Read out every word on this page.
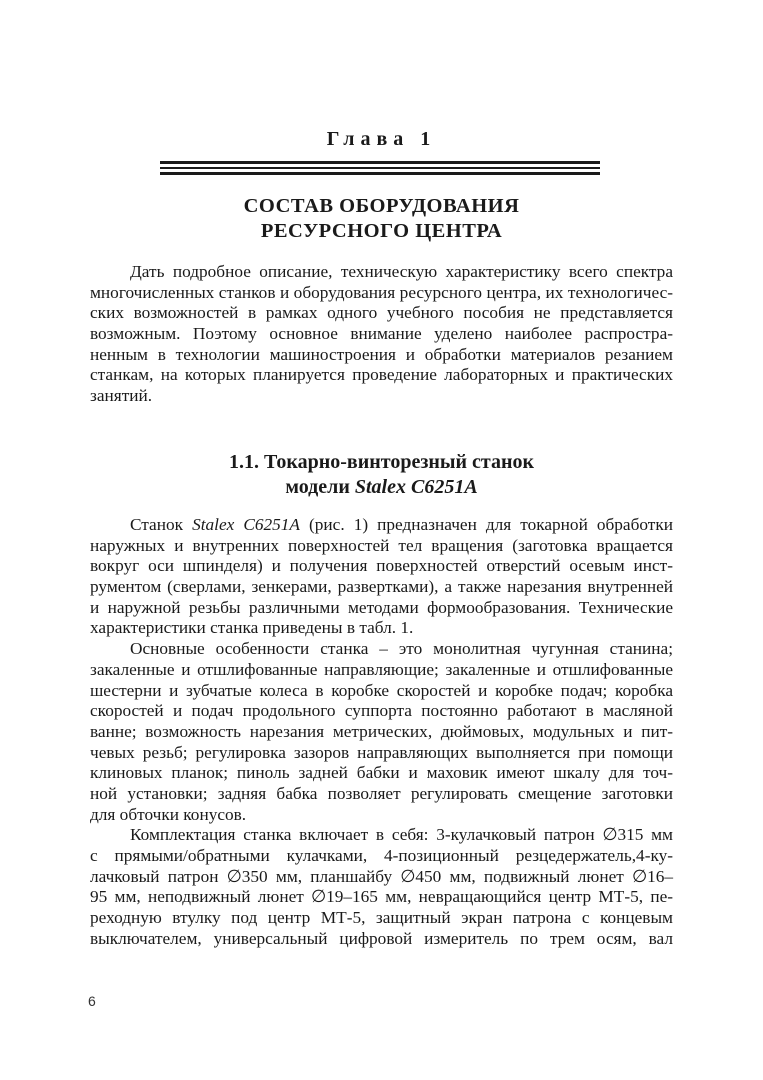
Глава 1
СОСТАВ ОБОРУДОВАНИЯ
РЕСУРСНОГО ЦЕНТРА
Дать подробное описание, техническую характеристику всего спектра
многочисленных станков и оборудования ресурсного центра, их технологичес-
ских возможностей в рамках одного учебного пособия не представляется
возможным. Поэтому основное внимание уделено наиболее распростра-
ненным в технологии машиностроения и обработки материалов резанием
станкам, на которых планируется проведение лабораторных и практических
занятий.
1.1. Токарно-винторезный станок
модели Stalex C6251A
Станок Stalex C6251A (рис. 1) предназначен для токарной обработки
наружных и внутренних поверхностей тел вращения (заготовка вращается
вокруг оси шпинделя) и получения поверхностей отверстий осевым инст-
рументом (сверлами, зенкерами, развертками), а также нарезания внутренней
и наружной резьбы различными методами формообразования. Технические
характеристики станка приведены в табл. 1.
Основные особенности станка – это монолитная чугунная станина;
закаленные и отшлифованные направляющие; закаленные и отшлифованные
шестерни и зубчатые колеса в коробке скоростей и коробке подач; коробка
скоростей и подач продольного суппорта постоянно работают в масляной
ванне; возможность нарезания метрических, дюймовых, модульных и пит-
чевых резьб; регулировка зазоров направляющих выполняется при помощи
клиновых планок; пиноль задней бабки и маховик имеют шкалу для точ-
ной установки; задняя бабка позволяет регулировать смещение заготовки
для обточки конусов.
Комплектация станка включает в себя: 3-кулачковый патрон ∅315 мм
с прямыми/обратными кулачками, 4-позиционный резцедержатель,4-ку-
лачковый патрон ∅350 мм, планшайбу ∅450 мм, подвижный люнет ∅16–
95 мм, неподвижный люнет ∅19–165 мм, невращающийся центр МТ-5, пе-
реходную втулку под центр МТ-5, защитный экран патрона с концевым
выключателем, универсальный цифровой измеритель по трем осям, вал
6
